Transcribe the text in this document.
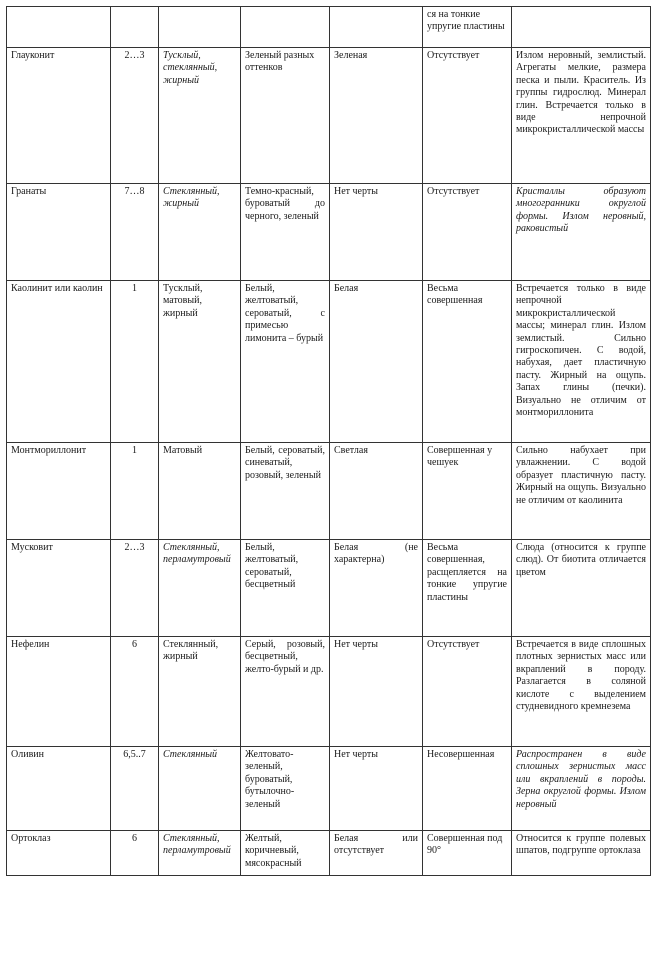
					ся на тонкие упругие пластины	
Глауконит	2…3	Тусклый, стеклянный, жирный	Зеленый разных оттенков	Зеленая	Отсутствует	Излом неровный, землистый. Агрегаты мелкие, размера песка и пыли. Краситель. Из группы гидрослюд. Минерал глин. Встречается только в виде непрочной микрокристаллической массы
Гранаты	7…8	Стеклянный, жирный	Темно-красный, буроватый до черного, зеленый	Нет черты	Отсутствует	Кристаллы образуют многогранники округлой формы. Излом неровный, раковистый
Каолинит или каолин	1	Тусклый, матовый, жирный	Белый, желтоватый, сероватый, с примесью лимонита – бурый	Белая	Весьма совершенная	Встречается только в виде непрочной микрокристаллической массы; минерал глин. Излом землистый. Сильно гигроскопичен. С водой, набухая, дает пластичную пасту. Жирный на ощупь. Запах глины (печки). Визуально не отличим от монтмориллонита
Монтмориллонит	1	Матовый	Белый, сероватый, синеватый, розовый, зеленый	Светлая	Совершенная у чешуек	Сильно набухает при увлажнении. С водой образует пластичную пасту. Жирный на ощупь. Визуально не отличим от каолинита
Мусковит	2…3	Стеклянный, перламутровый	Белый, желтоватый, сероватый, бесцветный	Белая (не характерна)	Весьма совершенная, расщепляется на тонкие упругие пластины	Слюда (относится к группе слюд). От биотита отличается цветом
Нефелин	6	Стеклянный, жирный	Серый, розовый, бесцветный, желто-бурый и др.	Нет черты	Отсутствует	Встречается в виде сплошных плотных зернистых масс или вкраплений в породу. Разлагается в соляной кислоте с выделением студневидного кремнезема
Оливин	6,5..7	Стеклянный	Желтовато-зеленый, буроватый, бутылочно-зеленый	Нет черты	Несовершенная	Распространен в виде сплошных зернистых масс или вкраплений в породы. Зерна округлой формы. Излом неровный
Ортоклаз	6	Стеклянный, перламутровый	Желтый, коричневый, мясокрасный	Белая или отсутствует	Совершенная под 90°	Относится к группе полевых шпатов, подгруппе ортоклаза
